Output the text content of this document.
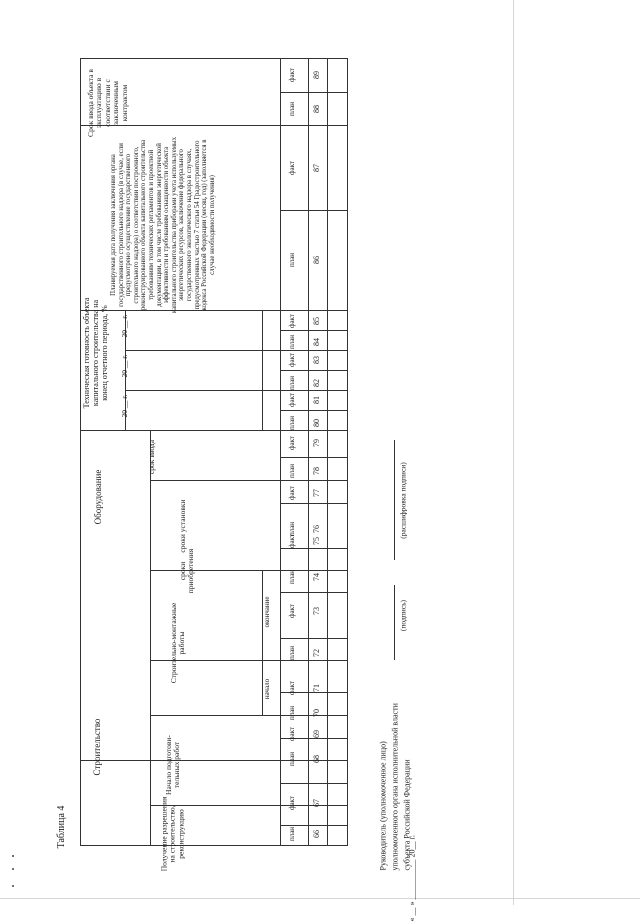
Таблица 4
Строительство
Оборудование
Техническая готовность объекта капитального строительства на конец отчетного периода, %
Планируемая дата получения заключения органа государственного строительного надзора (в случае, если предусмотрено осуществление государственного строительного надзора) о соответствии построенного, реконструированного объекта капитального строительства требованиям технических регламентов и проектной документации, в том числе требованиям энергетической эффективности и требованиям оснащенности объекта капитального строительства приборами учета используемых энергетических ресурсов, заключение федерального государственного экологического надзора в случаях, предусмотренных частью 7 статьи 54 Градостроительного кодекса Российской Федерации (месяц, год) (заполняется в случае необходимости получения)
Срок ввода объекта в эксплуатацию в соответствии с заключенным контрактом
Получение разрешения на строительство, реконструкцию
Начало подготови-тельных работ
Строительно-монтажные работы
начало
окончание
сроки приобретения
сроки установки
срок ввода
20 __ г.
20 __ г.
20 __ г.
план
факт
план
факт
план
факт
план
факт
план
факт
план
факт
план
факт
план
факт
план
факт
план
факт
план
факт
план
факт
66
67
68
69
70
71
72
73
74
75
76
77
78
79
80
81
82
83
84
85
86
87
88
89
Руководитель (уполномоченное лицо) уполномоченного органа исполнительной власти субъекта Российской Федерации
(подпись)
(расшифровка подписи)
« __ » __________ 20__ г.
